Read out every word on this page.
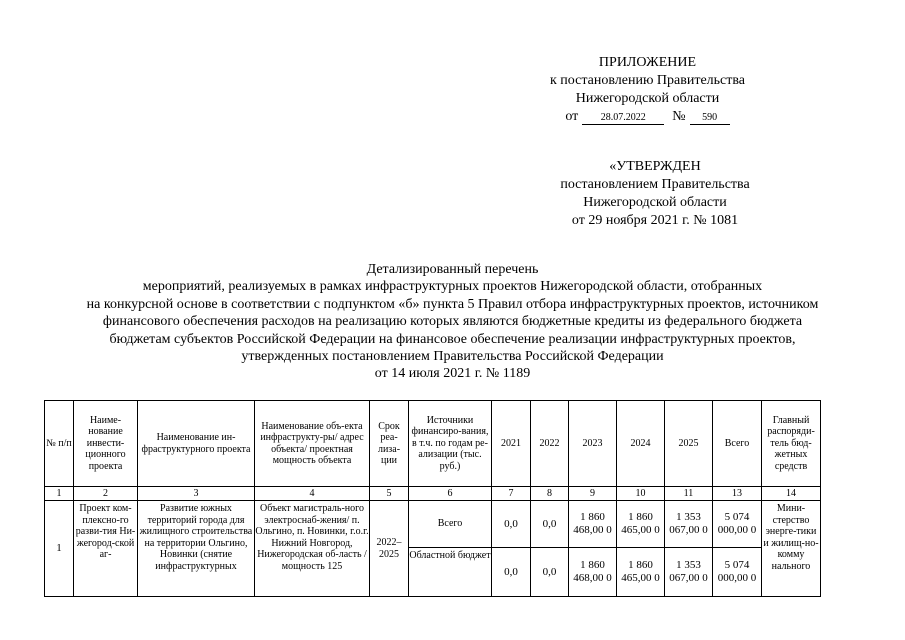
ПРИЛОЖЕНИЕ
к постановлению Правительства
Нижегородской области
от	28.07.2022	№	590
«УТВЕРЖДЕН
постановлением Правительства
Нижегородской области
от 29 ноября 2021 г. № 1081
Детализированный перечень
мероприятий, реализуемых в рамках инфраструктурных проектов Нижегородской области, отобранных
на конкурсной основе в соответствии с подпунктом «б» пункта 5 Правил отбора инфраструктурных проектов, источником
финансового обеспечения расходов на реализацию которых являются бюджетные кредиты из федерального бюджета
бюджетам субъектов Российской Федерации на финансовое обеспечение реализации инфраструктурных проектов,
утвержденных постановлением Правительства Российской Федерации
от 14 июля 2021 г. № 1189
№ п/п	Наиме-нование инвести-ционного проекта	Наименование ин-фраструктурного проекта	Наименование объ-екта инфраструкту-ры/ адрес объекта/ проектная мощность объекта	Срок реа-лиза-ции	Источники финансиро-вания, в т.ч. по годам ре-ализации (тыс. руб.)	2021	2022	2023	2024	2025	Всего	Главный распоряди-тель бюд-жетных средств
1	2	3	4	5	6	7	8	9	10	11	13	14
1	Проект ком-плексно-го разви-тия Ни-жегород-ской аг-	Развитие южных территорий города для жилищного строительства на территории Ольгино, Новинки (снятие инфраструктурных	Объект магистраль-ного электроснаб-жения/ п. Ольгино, п. Новинки, г.о.г. Нижний Новгород, Нижегородская об-ласть / мощность 125	2022–2025	Всего	0,0	0,0	1 860 468,00 0	1 860 465,00 0	1 353 067,00 0	5 074 000,00 0	Мини-стерство энерге-тики и жилищ-но-комму нального
					Областной бюджет	0,0	0,0	1 860 468,00 0	1 860 465,00 0	1 353 067,00 0	5 074 000,00 0	
